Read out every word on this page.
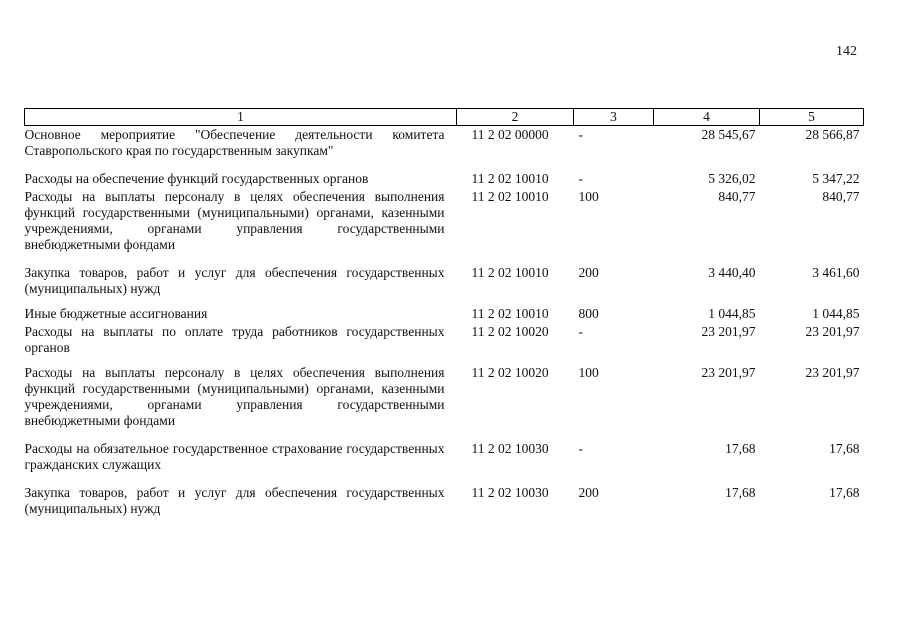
142
1	2	3	4	5
Основное мероприятие "Обеспечение деятельности комитета Ставропольского края по государственным закупкам"	11 2 02 00000	-	28 545,67	28 566,87
Расходы на обеспечение функций государственных органов	11 2 02 10010	-	5 326,02	5 347,22
Расходы на выплаты персоналу в целях обеспечения выполнения функций государственными (муниципальными) органами, казенными учреждениями, органами управления государственными внебюджетными фондами	11 2 02 10010	100	840,77	840,77
Закупка товаров, работ и услуг для обеспечения государственных (муниципальных) нужд	11 2 02 10010	200	3 440,40	3 461,60
Иные бюджетные ассигнования	11 2 02 10010	800	1 044,85	1 044,85
Расходы на выплаты по оплате труда работников государственных органов	11 2 02 10020	-	23 201,97	23 201,97
Расходы на выплаты персоналу в целях обеспечения выполнения функций государственными (муниципальными) органами, казенными учреждениями, органами управления государственными внебюджетными фондами	11 2 02 10020	100	23 201,97	23 201,97
Расходы на обязательное государственное страхование государственных гражданских служащих	11 2 02 10030	-	17,68	17,68
Закупка товаров, работ и услуг для обеспечения государственных (муниципальных) нужд	11 2 02 10030	200	17,68	17,68
